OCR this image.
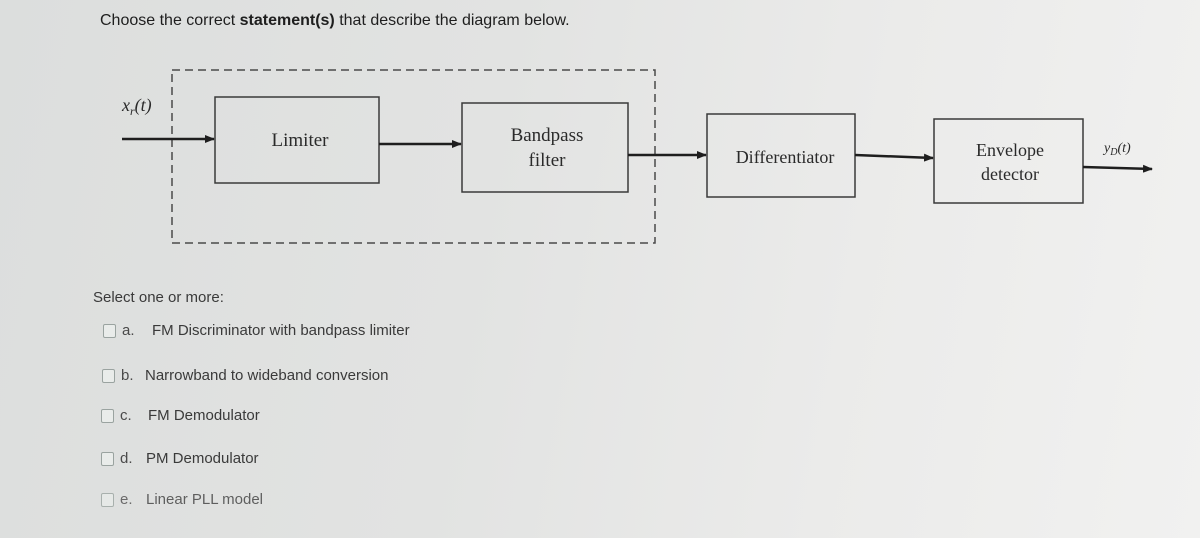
Choose the correct statement(s) that describe the diagram below.
$x_r(t)$
Limiter	Bandpass
filter	Differentiator	Envelope
detector
$y_D(t)$
Select one or more:
a.	FM Discriminator with bandpass limiter
b. Narrowband to wideband conversion
c.	FM Demodulator
d. PM Demodulator
e. Linear PLL model
